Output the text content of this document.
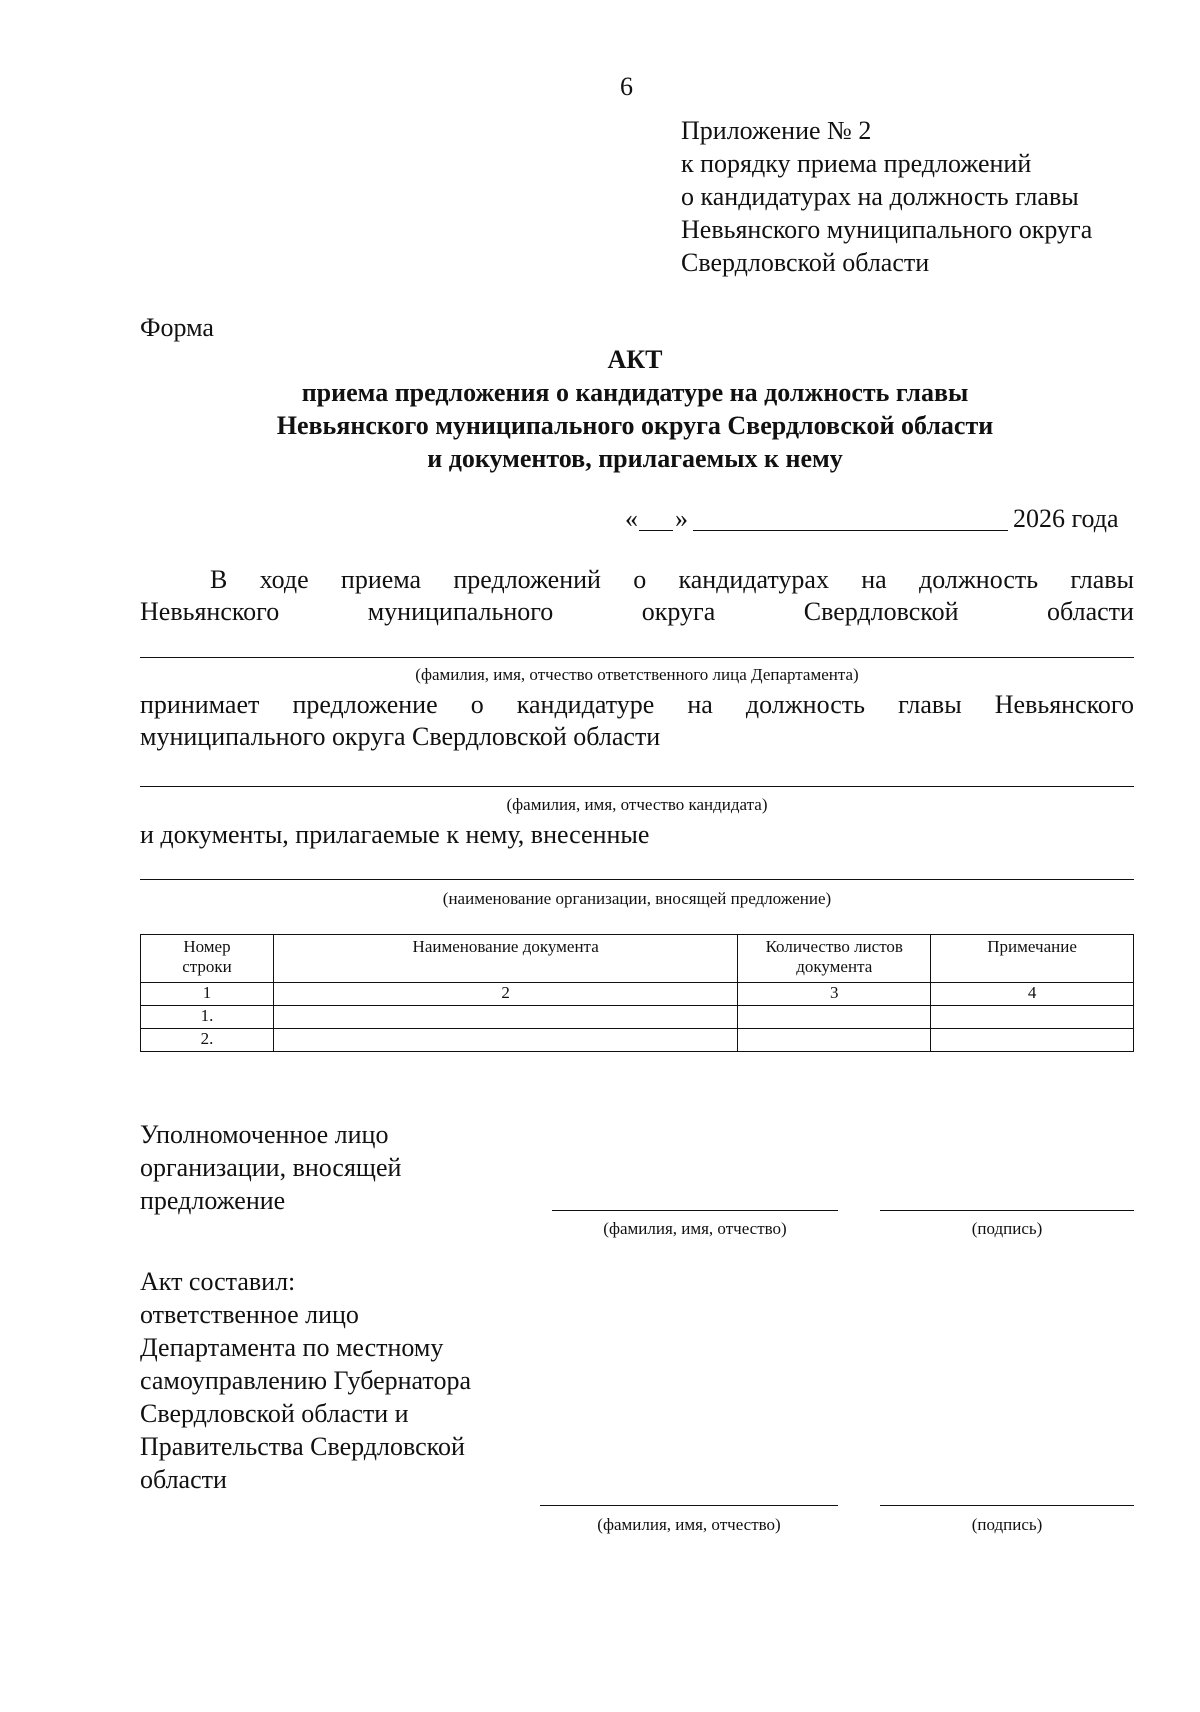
6
Приложение № 2
к порядку приема предложений
о кандидатурах на должность главы
Невьянского муниципального округа
Свердловской области
Форма
АКТ
приема предложения о кандидатуре на должность главы
Невьянского муниципального округа Свердловской области
и документов, прилагаемых к нему
« »	2026 года
В ходе приема предложений о кандидатурах на должность главы
Невьянского	муниципального	округа	Свердловской	области
(фамилия, имя, отчество ответственного лица Департамента)
принимает предложение о кандидатуре на должность главы Невьянского
муниципального округа Свердловской области
(фамилия, имя, отчество кандидата)
и документы, прилагаемые к нему, внесенные
(наименование организации, вносящей предложение)
Номер строки	Наименование документа	Количество листов документа	Примечание
1	2	3	4
1.			
2.			
Уполномоченное лицо
организации, вносящей
предложение
(фамилия, имя, отчество)	(подпись)
Акт составил:
ответственное лицо
Департамента по местному
самоуправлению Губернатора
Свердловской области и
Правительства Свердловской
области
(фамилия, имя, отчество)	(подпись)
